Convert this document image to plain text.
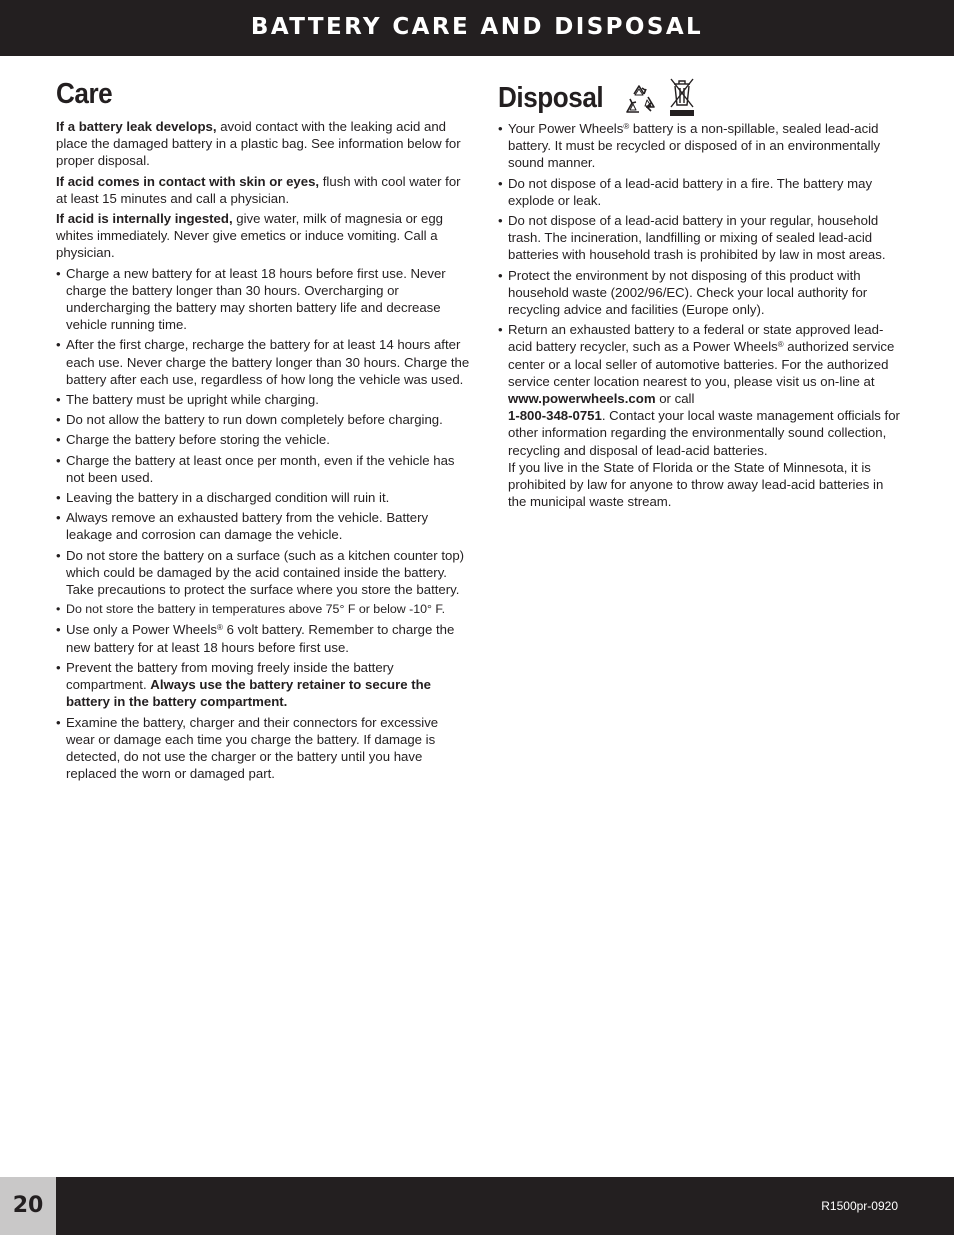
BATTERY CARE AND DISPOSAL
Care

If a battery leak develops, avoid contact with the leaking acid and place the damaged battery in a plastic bag. See information below for proper disposal.

If acid comes in contact with skin or eyes, flush with cool water for at least 15 minutes and call a physician.

If acid is internally ingested, give water, milk of magnesia or egg whites immediately. Never give emetics or induce vomiting. Call a physician.

• Charge a new battery for at least 18 hours before first use. Never charge the battery longer than 30 hours. Overcharging or undercharging the battery may shorten battery life and decrease vehicle running time.
• After the first charge, recharge the battery for at least 14 hours after each use. Never charge the battery longer than 30 hours. Charge the battery after each use, regardless of how long the vehicle was used.
• The battery must be upright while charging.
• Do not allow the battery to run down completely before charging.
• Charge the battery before storing the vehicle.
• Charge the battery at least once per month, even if the vehicle has not been used.
• Leaving the battery in a discharged condition will ruin it.
• Always remove an exhausted battery from the vehicle. Battery leakage and corrosion can damage the vehicle.
• Do not store the battery on a surface (such as a kitchen counter top) which could be damaged by the acid contained inside the battery. Take precautions to protect the surface where you store the battery.
• Do not store the battery in temperatures above 75° F or below -10° F.
• Use only a Power Wheels® 6 volt battery. Remember to charge the new battery for at least 18 hours before first use.
• Prevent the battery from moving freely inside the battery compartment. Always use the battery retainer to secure the battery in the battery compartment.
• Examine the battery, charger and their connectors for excessive wear or damage each time you charge the battery. If damage is detected, do not use the charger or the battery until you have replaced the worn or damaged part.
Disposal
• Your Power Wheels® battery is a non-spillable, sealed lead-acid battery. It must be recycled or disposed of in an environmentally sound manner.
• Do not dispose of a lead-acid battery in a fire. The battery may explode or leak.
• Do not dispose of a lead-acid battery in your regular, household trash. The incineration, landfilling or mixing of sealed lead-acid batteries with household trash is prohibited by law in most areas.
• Protect the environment by not disposing of this product with household waste (2002/96/EC). Check your local authority for recycling advice and facilities (Europe only).
• Return an exhausted battery to a federal or state approved lead-acid battery recycler, such as a Power Wheels® authorized service center or a local seller of automotive batteries. For the authorized service center location nearest to you, please visit us on-line at www.powerwheels.com or call
1-800-348-0751. Contact your local waste management officials for other information regarding the environmentally sound collection, recycling and disposal of lead-acid batteries.
If you live in the State of Florida or the State of Minnesota, it is prohibited by law for anyone to throw away lead-acid batteries in the municipal waste stream.
R1500pr-0920
20
